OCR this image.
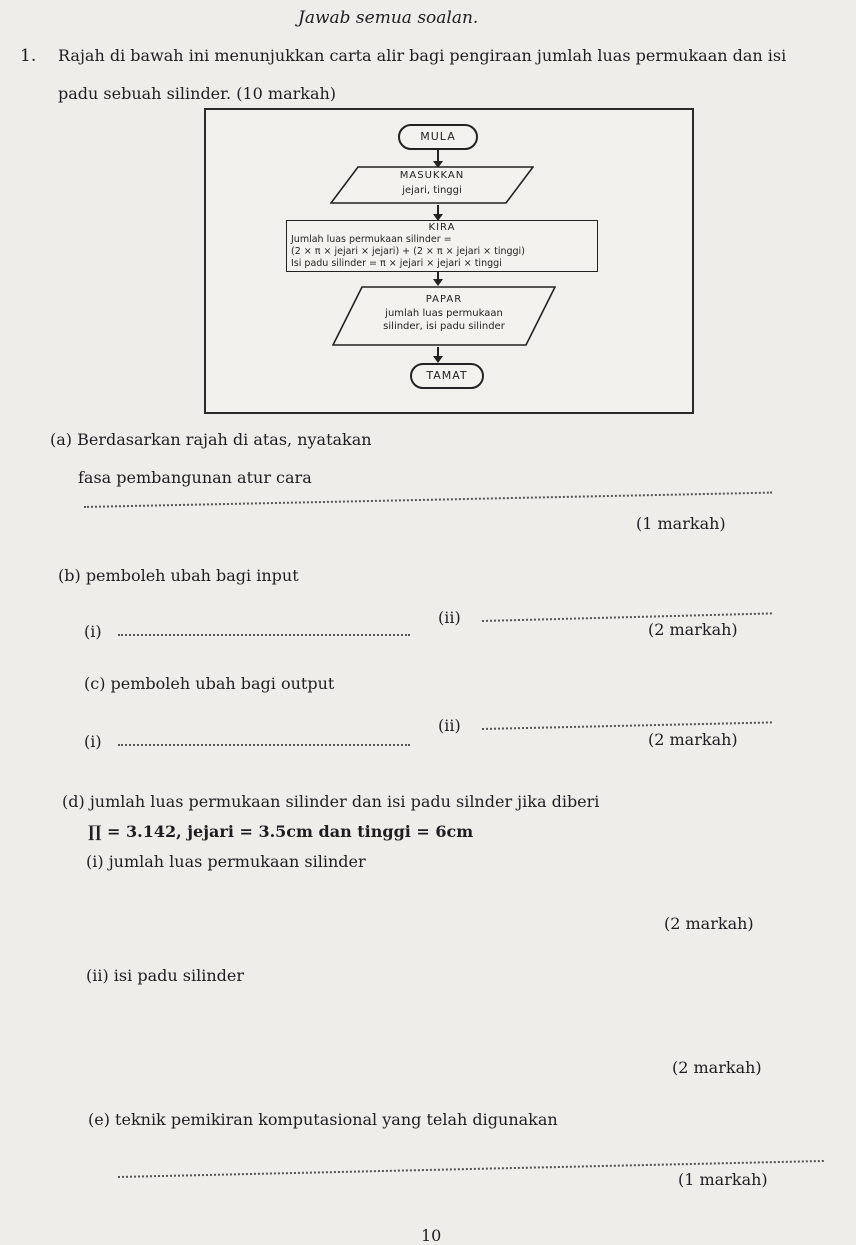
Jawab semua soalan.
1. Rajah di bawah ini menunjukkan carta alir bagi pengiraan jumlah luas permukaan dan isi
padu sebuah silinder. (10 markah)
MULA
MASUKKAN
jejari, tinggi
KIRA
Jumlah luas permukaan silinder =
(2 × π × jejari × jejari) + (2 × π × jejari × tinggi)
Isi padu silinder = π × jejari × jejari × tinggi
PAPAR
jumlah luas permukaan
silinder, isi padu silinder
TAMAT
(a) Berdasarkan rajah di atas, nyatakan
fasa pembangunan atur cara
(1 markah)
(b) pemboleh ubah bagi input
(i)
(ii)
(2 markah)
(c) pemboleh ubah bagi output
(i)
(ii)
(2 markah)
(d) jumlah luas permukaan silinder dan isi padu silnder jika diberi
∏ = 3.142, jejari = 3.5cm dan tinggi = 6cm
(i) jumlah luas permukaan silinder
(2 markah)
(ii) isi padu silinder
(2 markah)
(e) teknik pemikiran komputasional yang telah digunakan
(1 markah)
10
